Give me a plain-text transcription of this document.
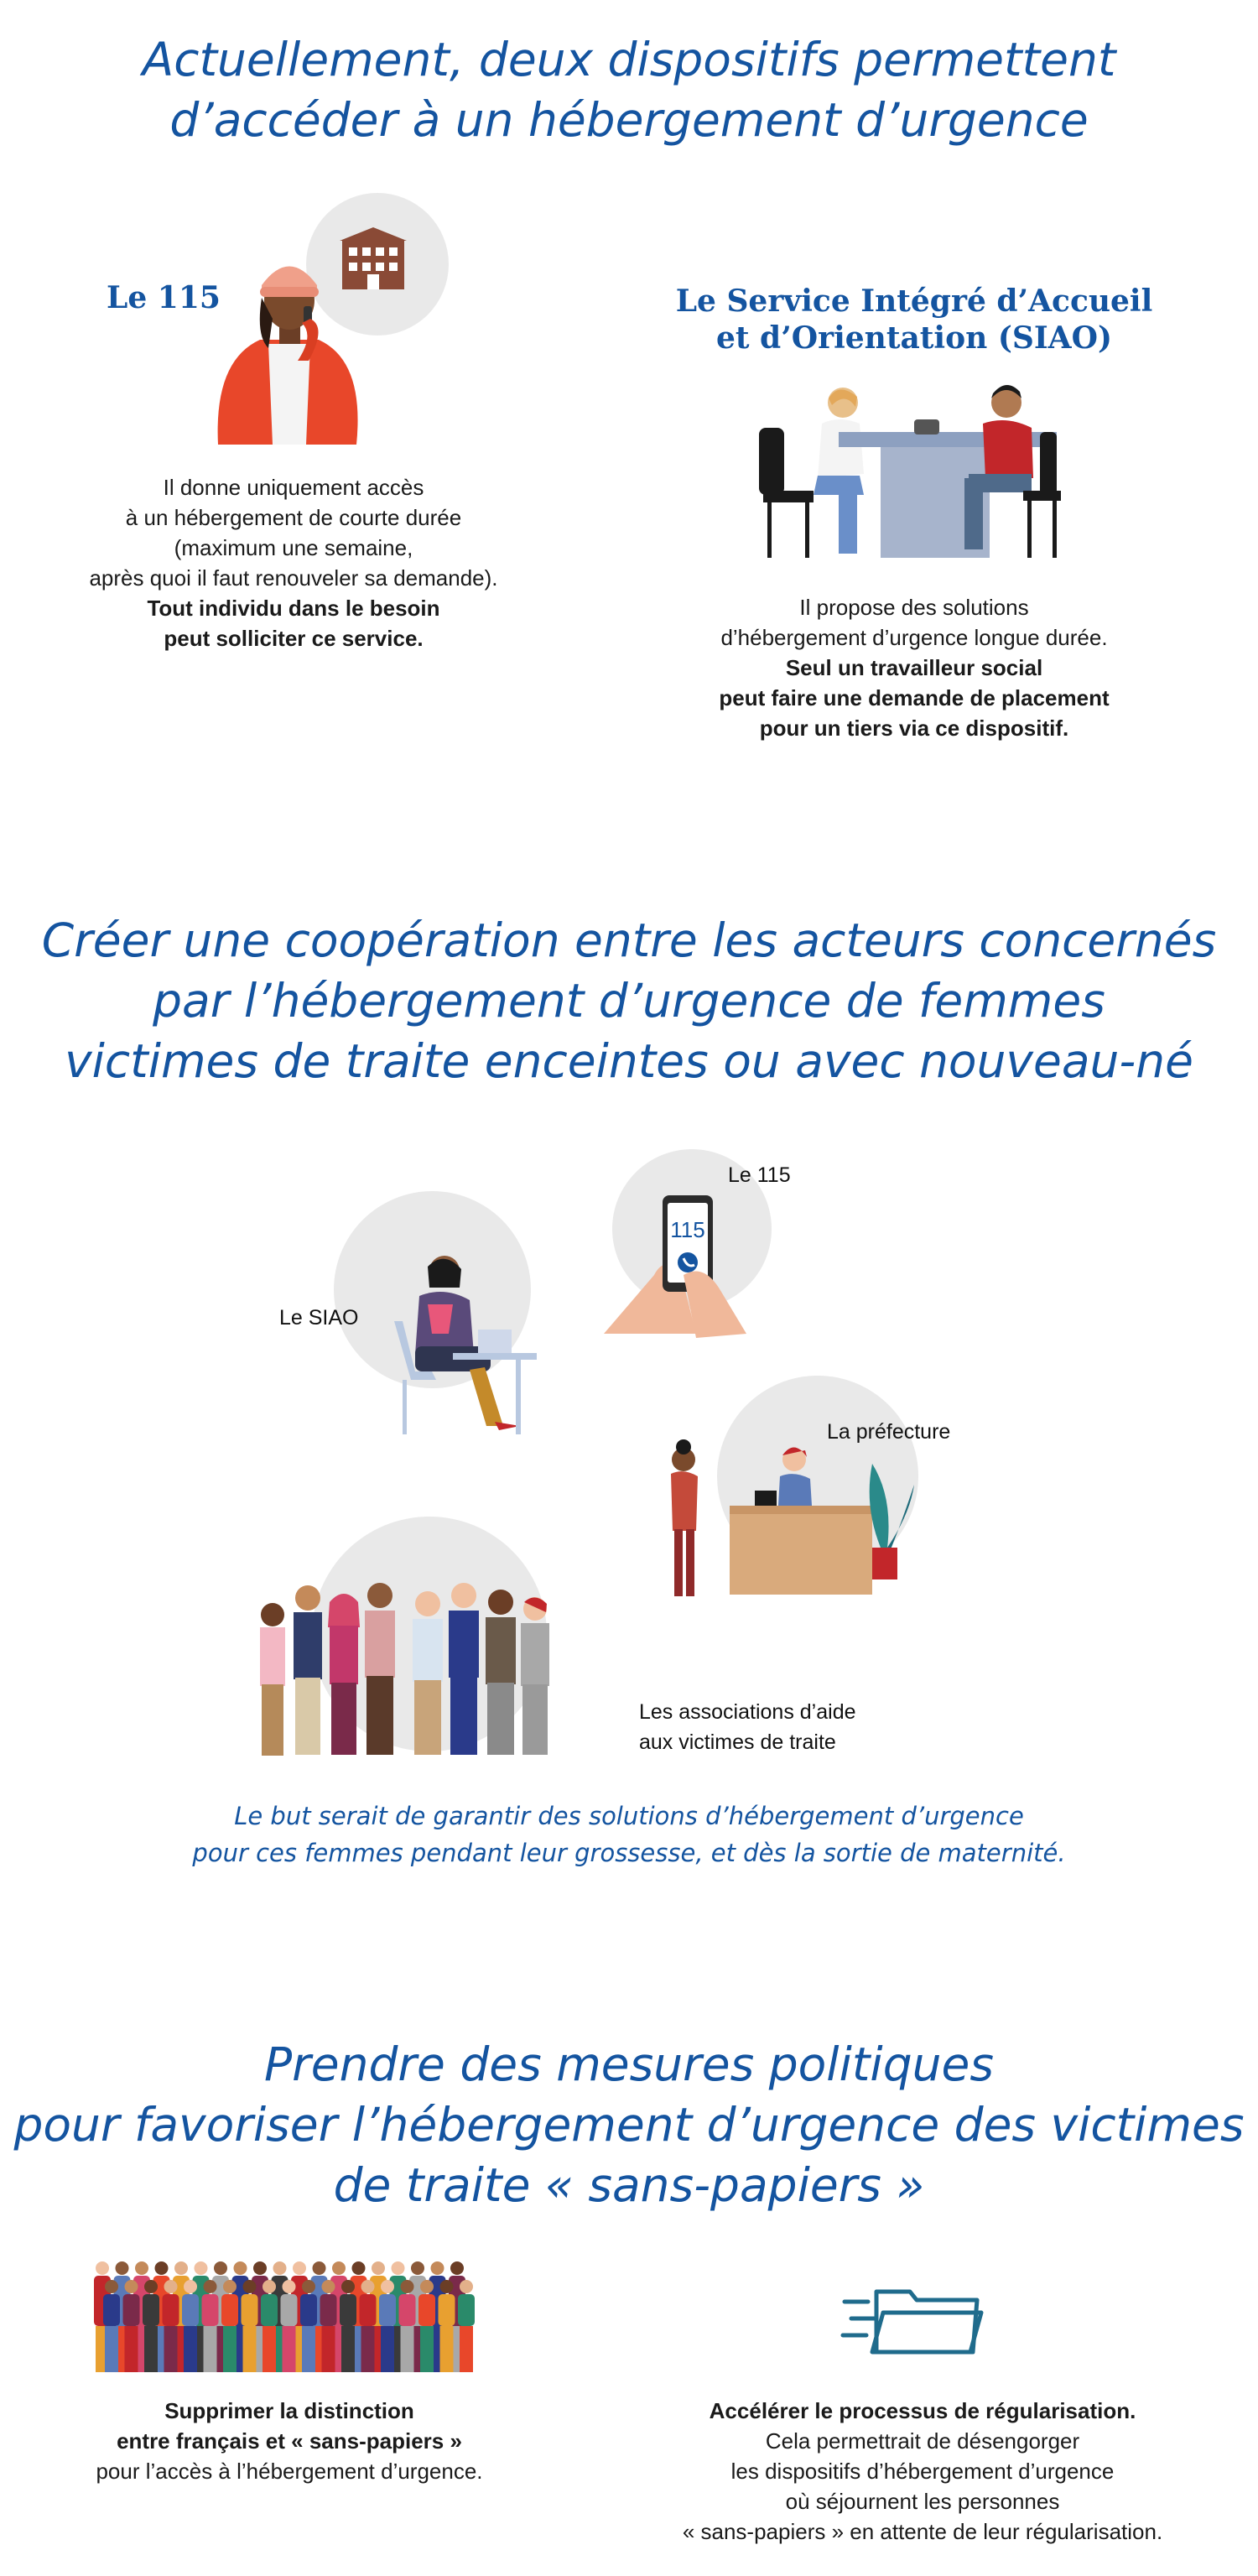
Actuellement, deux dispositifs permettent
d’accéder à un hébergement d’urgence
Le 115
Il donne uniquement accès
à un hébergement de courte durée
(maximum une semaine,
après quoi il faut renouveler sa demande).
Tout individu dans le besoin
peut solliciter ce service.
Le Service Intégré d’Accueil
et d’Orientation (SIAO)
Il propose des solutions
d’hébergement d’urgence longue durée.
Seul un travailleur social
peut faire une demande de placement
pour un tiers via ce dispositif.
Créer une coopération entre les acteurs concernés
par l’hébergement d’urgence de femmes
victimes de traite enceintes ou avec nouveau-né
115
Le 115
Le SIAO
La préfecture
Les associations d’aide
aux victimes de traite
Le but serait de garantir des solutions d’hébergement d’urgence
pour ces femmes pendant leur grossesse, et dès la sortie de maternité.
Prendre des mesures politiques
pour favoriser l’hébergement d’urgence des victimes
de traite « sans-papiers »
Supprimer la distinction
entre français et « sans-papiers »
pour l’accès à l’hébergement d’urgence.
Accélérer le processus de régularisation.
Cela permettrait de désengorger
les dispositifs d’hébergement d’urgence
où séjournent les personnes
« sans-papiers » en attente de leur régularisation.
